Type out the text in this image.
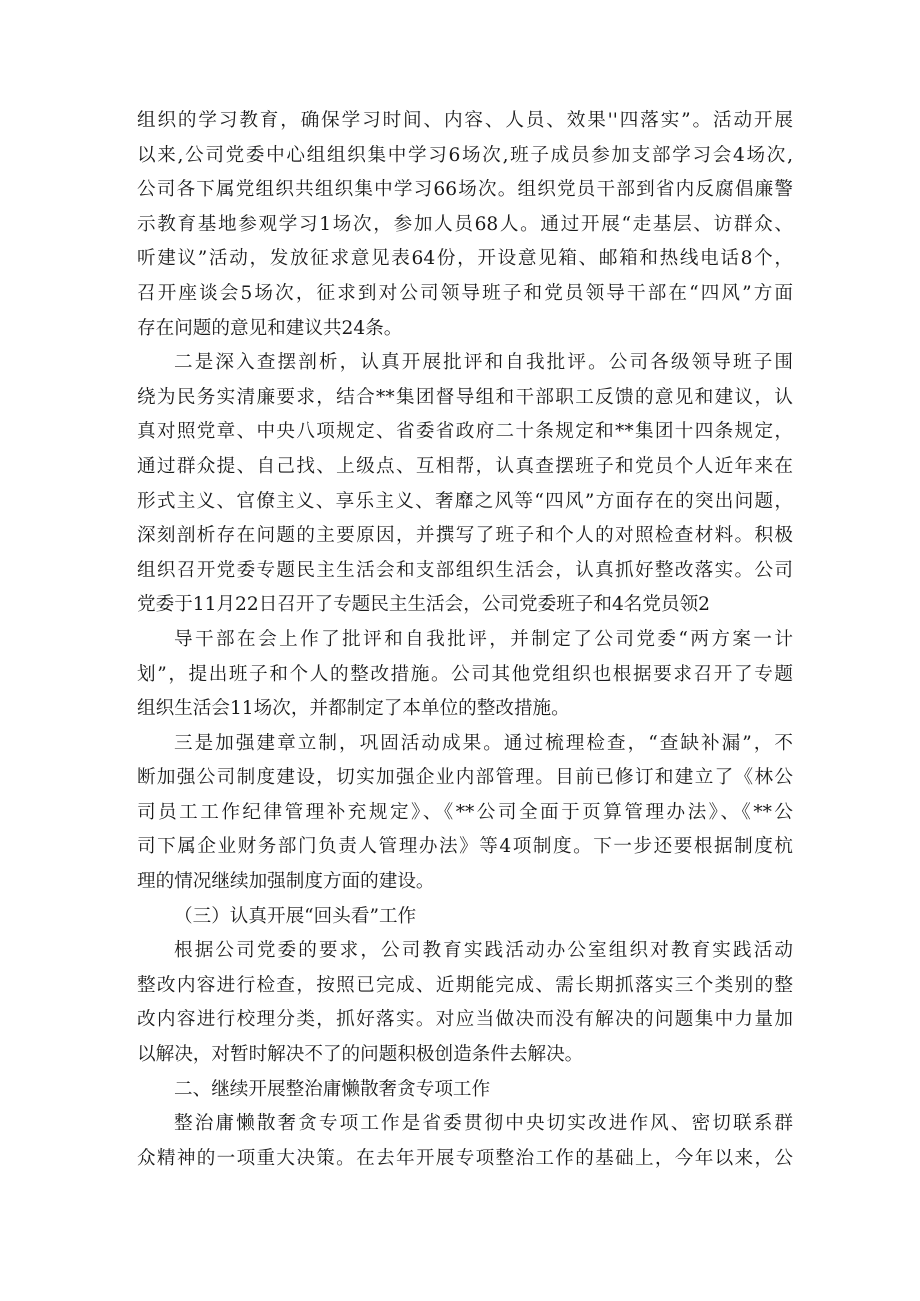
组织的学习教育，确保学习时间、内容、人员、效果''四落实”。活动开展
以来,公司党委中心组组织集中学习6场次,班子成员参加支部学习会4场次,
公司各下属党组织共组织集中学习66场次。组织党员干部到省内反腐倡廉警
示教育基地参观学习1场次，参加人员68人。通过开展“走基层、访群众、
听建议”活动，发放征求意见表64份，开设意见箱、邮箱和热线电话8个，
召开座谈会5场次，征求到对公司领导班子和党员领导干部在“四风”方面
存在问题的意见和建议共24条。
二是深入查摆剖析，认真开展批评和自我批评。公司各级领导班子围
绕为民务实清廉要求，结合**集团督导组和干部职工反馈的意见和建议，认
真对照党章、中央八项规定、省委省政府二十条规定和**集团十四条规定，
通过群众提、自己找、上级点、互相帮，认真查摆班子和党员个人近年来在
形式主义、官僚主义、享乐主义、奢靡之风等“四风”方面存在的突出问题，
深刻剖析存在问题的主要原因，并撰写了班子和个人的对照检查材料。积极
组织召开党委专题民主生活会和支部组织生活会，认真抓好整改落实。公司
党委于11月22日召开了专题民主生活会，公司党委班子和4名党员领2
导干部在会上作了批评和自我批评，并制定了公司党委“两方案一计
划”，提出班子和个人的整改措施。公司其他党组织也根据要求召开了专题
组织生活会11场次，并都制定了本单位的整改措施。
三是加强建章立制，巩固活动成果。通过梳理检查，“查缺补漏”，不
断加强公司制度建设，切实加强企业内部管理。目前已修订和建立了《林公
司员工工作纪律管理补充规定》、《**公司全面于页算管理办法》、《**公
司下属企业财务部门负责人管理办法》等4项制度。下一步还要根据制度杭
理的情况继续加强制度方面的建设。
（三）认真开展“回头看”工作
根据公司党委的要求，公司教育实践活动办公室组织对教育实践活动
整改内容进行检查，按照已完成、近期能完成、需长期抓落实三个类别的整
改内容进行校理分类，抓好落实。对应当做决而没有解决的问题集中力量加
以解决，对暂时解决不了的问题积极创造条件去解决。
二、继续开展整治庸懒散奢贪专项工作
整治庸懒散奢贪专项工作是省委贯彻中央切实改进作风、密切联系群
众精神的一项重大决策。在去年开展专项整治工作的基础上，今年以来，公
